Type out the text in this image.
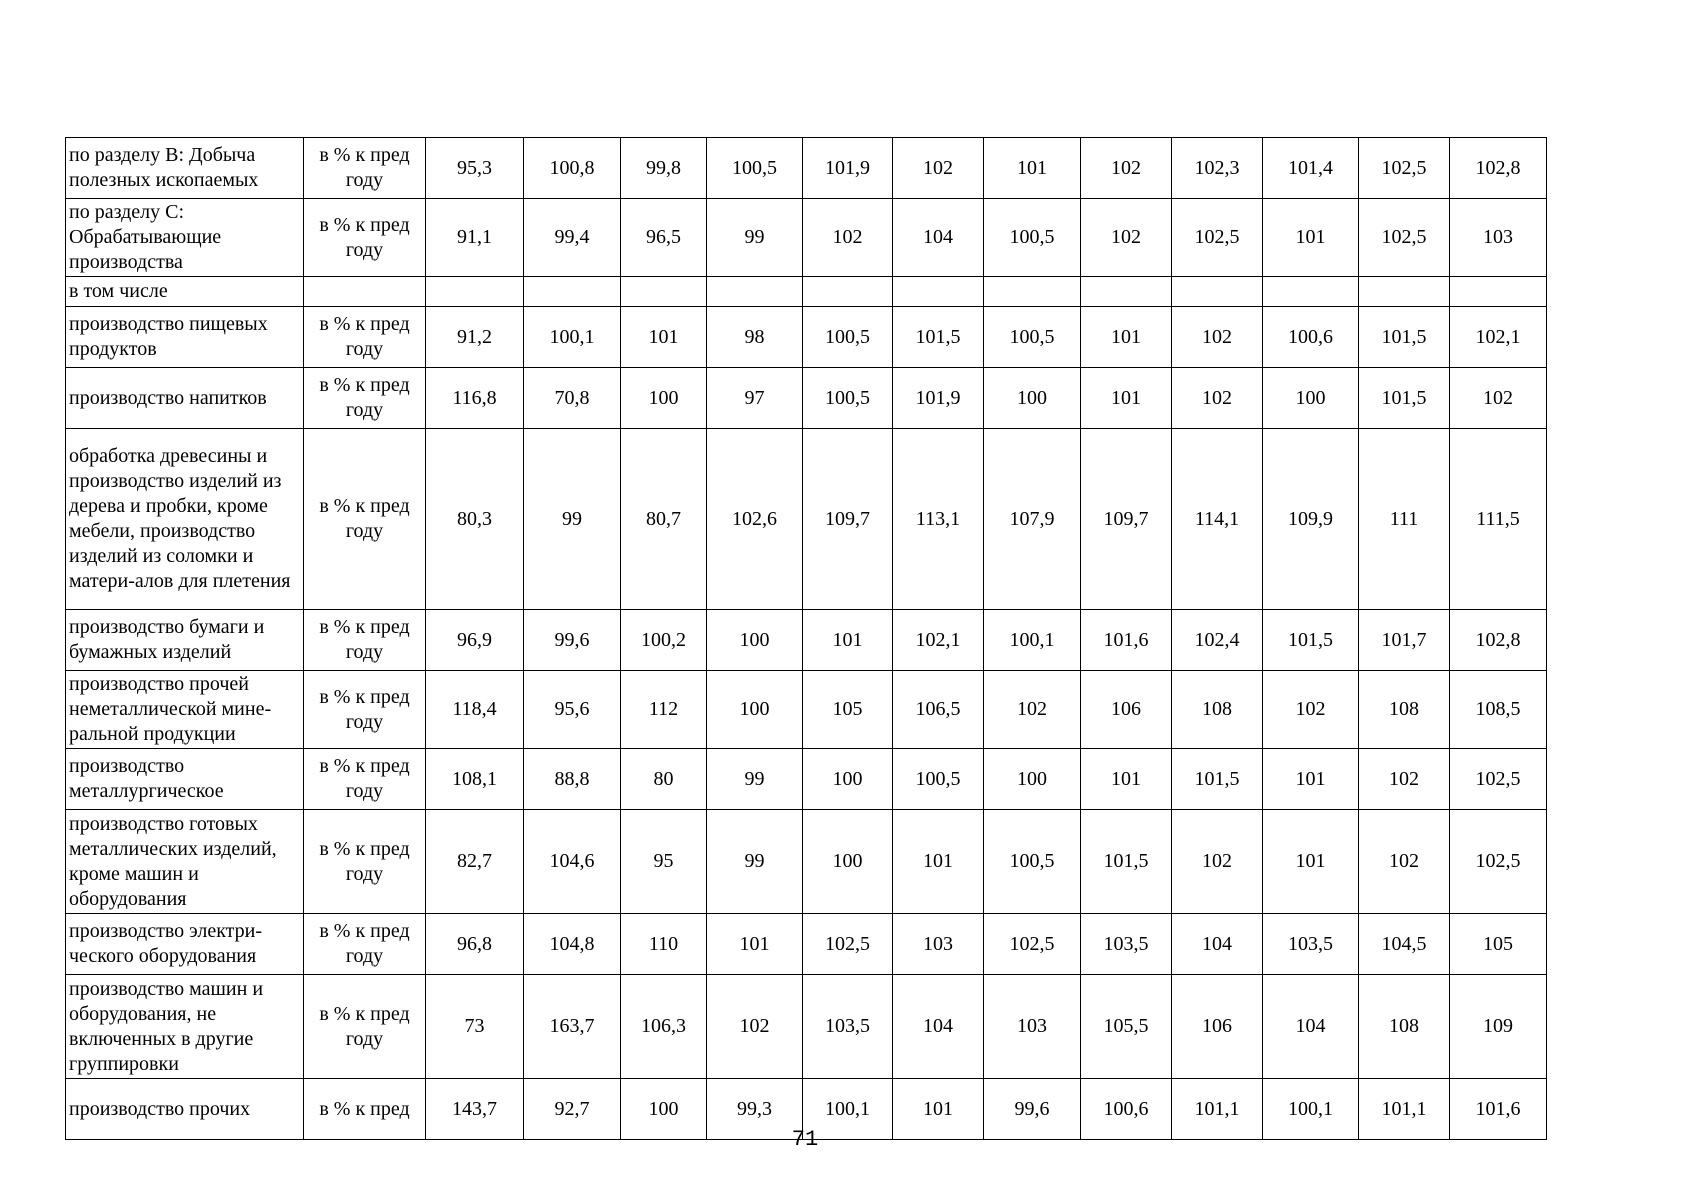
по разделу В: Добыча полезных ископаемых	в % к пред году	95,3	100,8	99,8	100,5	101,9	102	101	102	102,3	101,4	102,5	102,8
по разделу С: Обрабатывающие производства	в % к пред году	91,1	99,4	96,5	99	102	104	100,5	102	102,5	101	102,5	103
в том числе													
производство пищевых продуктов	в % к пред году	91,2	100,1	101	98	100,5	101,5	100,5	101	102	100,6	101,5	102,1
производство напитков	в % к пред году	116,8	70,8	100	97	100,5	101,9	100	101	102	100	101,5	102
обработка древесины и производство изделий из дерева и пробки, кроме мебели, производство изделий из соломки и матери-алов для плетения	в % к пред году	80,3	99	80,7	102,6	109,7	113,1	107,9	109,7	114,1	109,9	111	111,5
производство бумаги и бумажных изделий	в % к пред году	96,9	99,6	100,2	100	101	102,1	100,1	101,6	102,4	101,5	101,7	102,8
производство прочей неметаллической мине-ральной продукции	в % к пред году	118,4	95,6	112	100	105	106,5	102	106	108	102	108	108,5
производство металлургическое	в % к пред году	108,1	88,8	80	99	100	100,5	100	101	101,5	101	102	102,5
производство готовых металлических изделий, кроме машин и оборудования	в % к пред году	82,7	104,6	95	99	100	101	100,5	101,5	102	101	102	102,5
производство электри-ческого оборудования	в % к пред году	96,8	104,8	110	101	102,5	103	102,5	103,5	104	103,5	104,5	105
производство машин и оборудования, не включенных в другие группировки	в % к пред году	73	163,7	106,3	102	103,5	104	103	105,5	106	104	108	109
производство прочих	в % к пред	143,7	92,7	100	99,3	100,1	101	99,6	100,6	101,1	100,1	101,1	101,6
71
